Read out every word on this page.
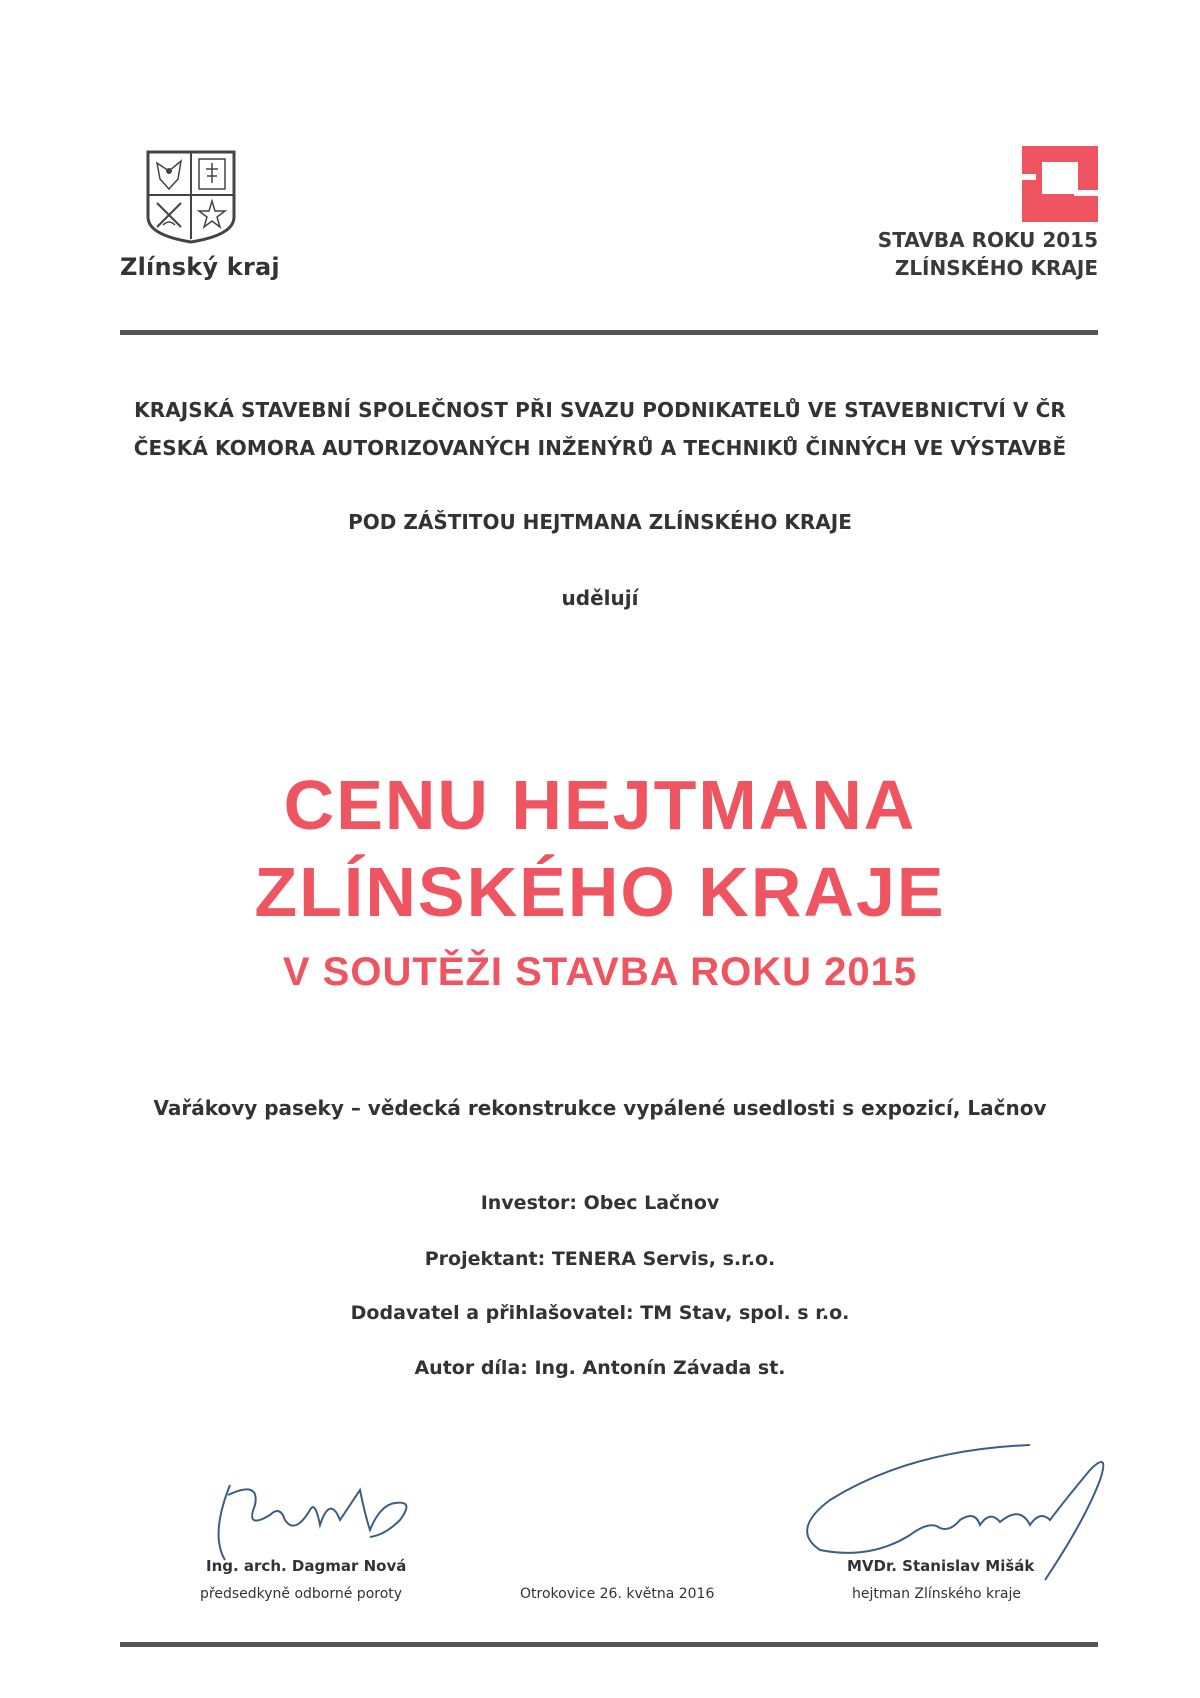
Zlínský kraj
STAVBA ROKU 2015
ZLÍNSKÉHO KRAJE
KRAJSKÁ STAVEBNÍ SPOLEČNOST PŘI SVAZU PODNIKATELŮ VE STAVEBNICTVÍ V ČR
ČESKÁ KOMORA AUTORIZOVANÝCH INŽENÝRŮ A TECHNIKŮ ČINNÝCH VE VÝSTAVBĚ
POD ZÁŠTITOU HEJTMANA ZLÍNSKÉHO KRAJE
udělují
CENU HEJTMANA
ZLÍNSKÉHO KRAJE
V SOUTĚŽI STAVBA ROKU 2015
Vařákovy paseky – vědecká rekonstrukce vypálené usedlosti s expozicí, Lačnov
Investor: Obec Lačnov
Projektant: TENERA Servis, s.r.o.
Dodavatel a přihlašovatel: TM Stav, spol. s r.o.
Autor díla: Ing. Antonín Závada st.
Ing. arch. Dagmar Nová
předsedkyně odborné poroty	Otrokovice 26. května 2016
MVDr. Stanislav Mišák
hejtman Zlínského kraje
